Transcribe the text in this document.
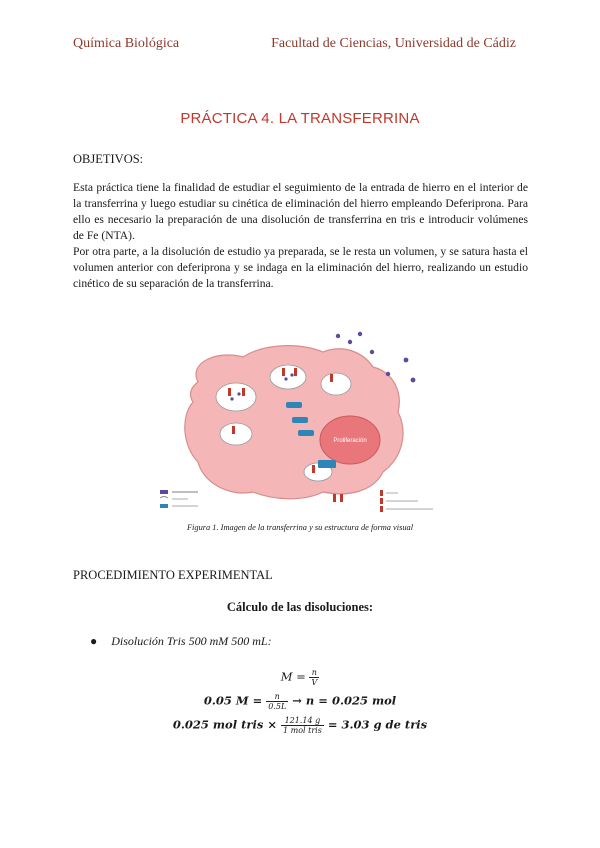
Química Biológica	Facultad de Ciencias, Universidad de Cádiz
PRÁCTICA 4. LA TRANSFERRINA
OBJETIVOS:

Esta práctica tiene la finalidad de estudiar el seguimiento de la entrada de hierro en el interior de la transferrina y luego estudiar su cinética de eliminación del hierro empleando Deferiprona. Para ello es necesario la preparación de una disolución de transferrina en tris e introducir volúmenes de Fe (NTA).

Por otra parte, a la disolución de estudio ya preparada, se le resta un volumen, y se satura hasta el volumen anterior con deferiprona y se indaga en la eliminación del hierro, realizando un estudio cinético de su separación de la transferrina.

Proliferación
Figura 1. Imagen de la transferrina y su estructura de forma visual
PROCEDIMIENTO EXPERIMENTAL
Cálculo de las disoluciones:
● Disolución Tris 500 mM 500 mL:
$M = \frac{n}{V}$
0.05 $M = \frac{n}{0.5L} \to n = 0.025$ mol
0.025 mol tris × $\frac{121.14 g}{\text{1 mol tris}} = 3.03$ g de tris
